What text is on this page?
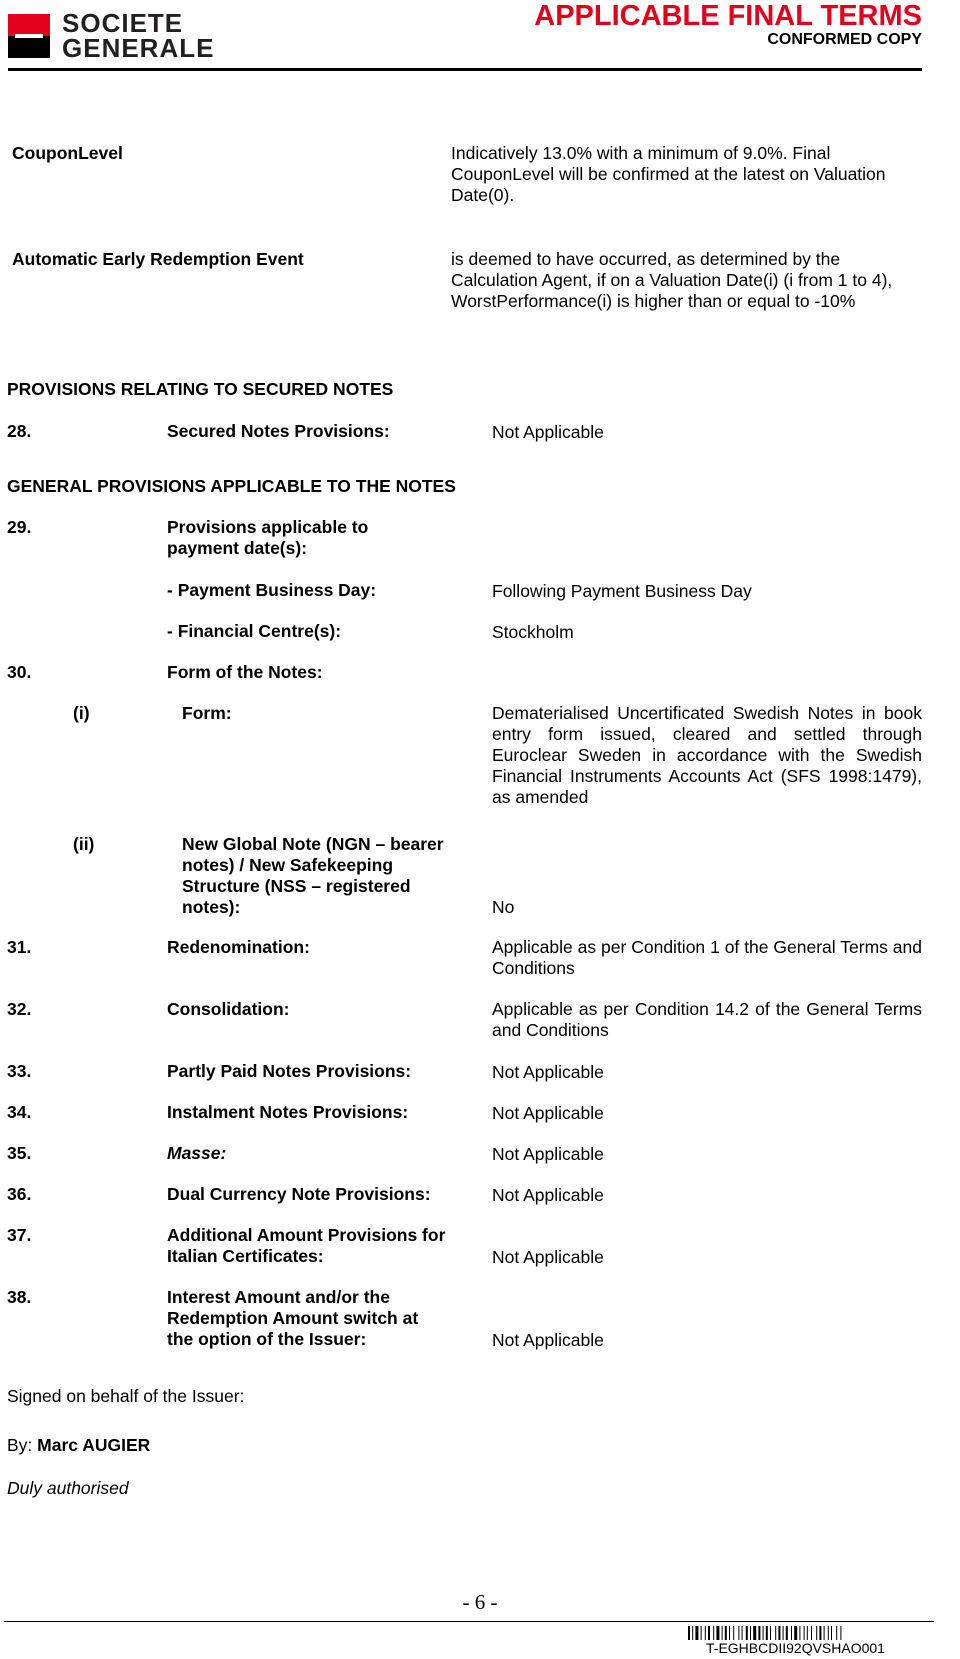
SOCIETE
GENERALE
APPLICABLE FINAL TERMS
CONFORMED COPY
CouponLevel	Indicatively 13.0% with a minimum of 9.0%. Final CouponLevel will be confirmed at the latest on Valuation Date(0).
Automatic Early Redemption Event	is deemed to have occurred, as determined by the Calculation Agent, if on a Valuation Date(i) (i from 1 to 4), WorstPerformance(i) is higher than or equal to -10%
PROVISIONS RELATING TO SECURED NOTES
28.	Secured Notes Provisions:	Not Applicable
GENERAL PROVISIONS APPLICABLE TO THE NOTES
29.	Provisions applicable to payment date(s):
- Payment Business Day:	Following Payment Business Day
- Financial Centre(s):	Stockholm
30.	Form of the Notes:
(i)	Form:	Dematerialised Uncertificated Swedish Notes in book entry form issued, cleared and settled through Euroclear Sweden in accordance with the Swedish Financial Instruments Accounts Act (SFS 1998:1479), as amended
(ii)	New Global Note (NGN – bearer notes) / New Safekeeping Structure (NSS – registered notes):	No
31.	Redenomination:	Applicable as per Condition 1 of the General Terms and Conditions
32.	Consolidation:	Applicable as per Condition 14.2 of the General Terms and Conditions
33.	Partly Paid Notes Provisions:	Not Applicable
34.	Instalment Notes Provisions:	Not Applicable
35.	Masse:	Not Applicable
36.	Dual Currency Note Provisions:	Not Applicable
37.	Additional Amount Provisions for Italian Certificates:	Not Applicable
38.	Interest Amount and/or the Redemption Amount switch at the option of the Issuer:	Not Applicable
Signed on behalf of the Issuer:
By: Marc AUGIER
Duly authorised
- 6 -
T-EGHBCDII92QVSHAO001
